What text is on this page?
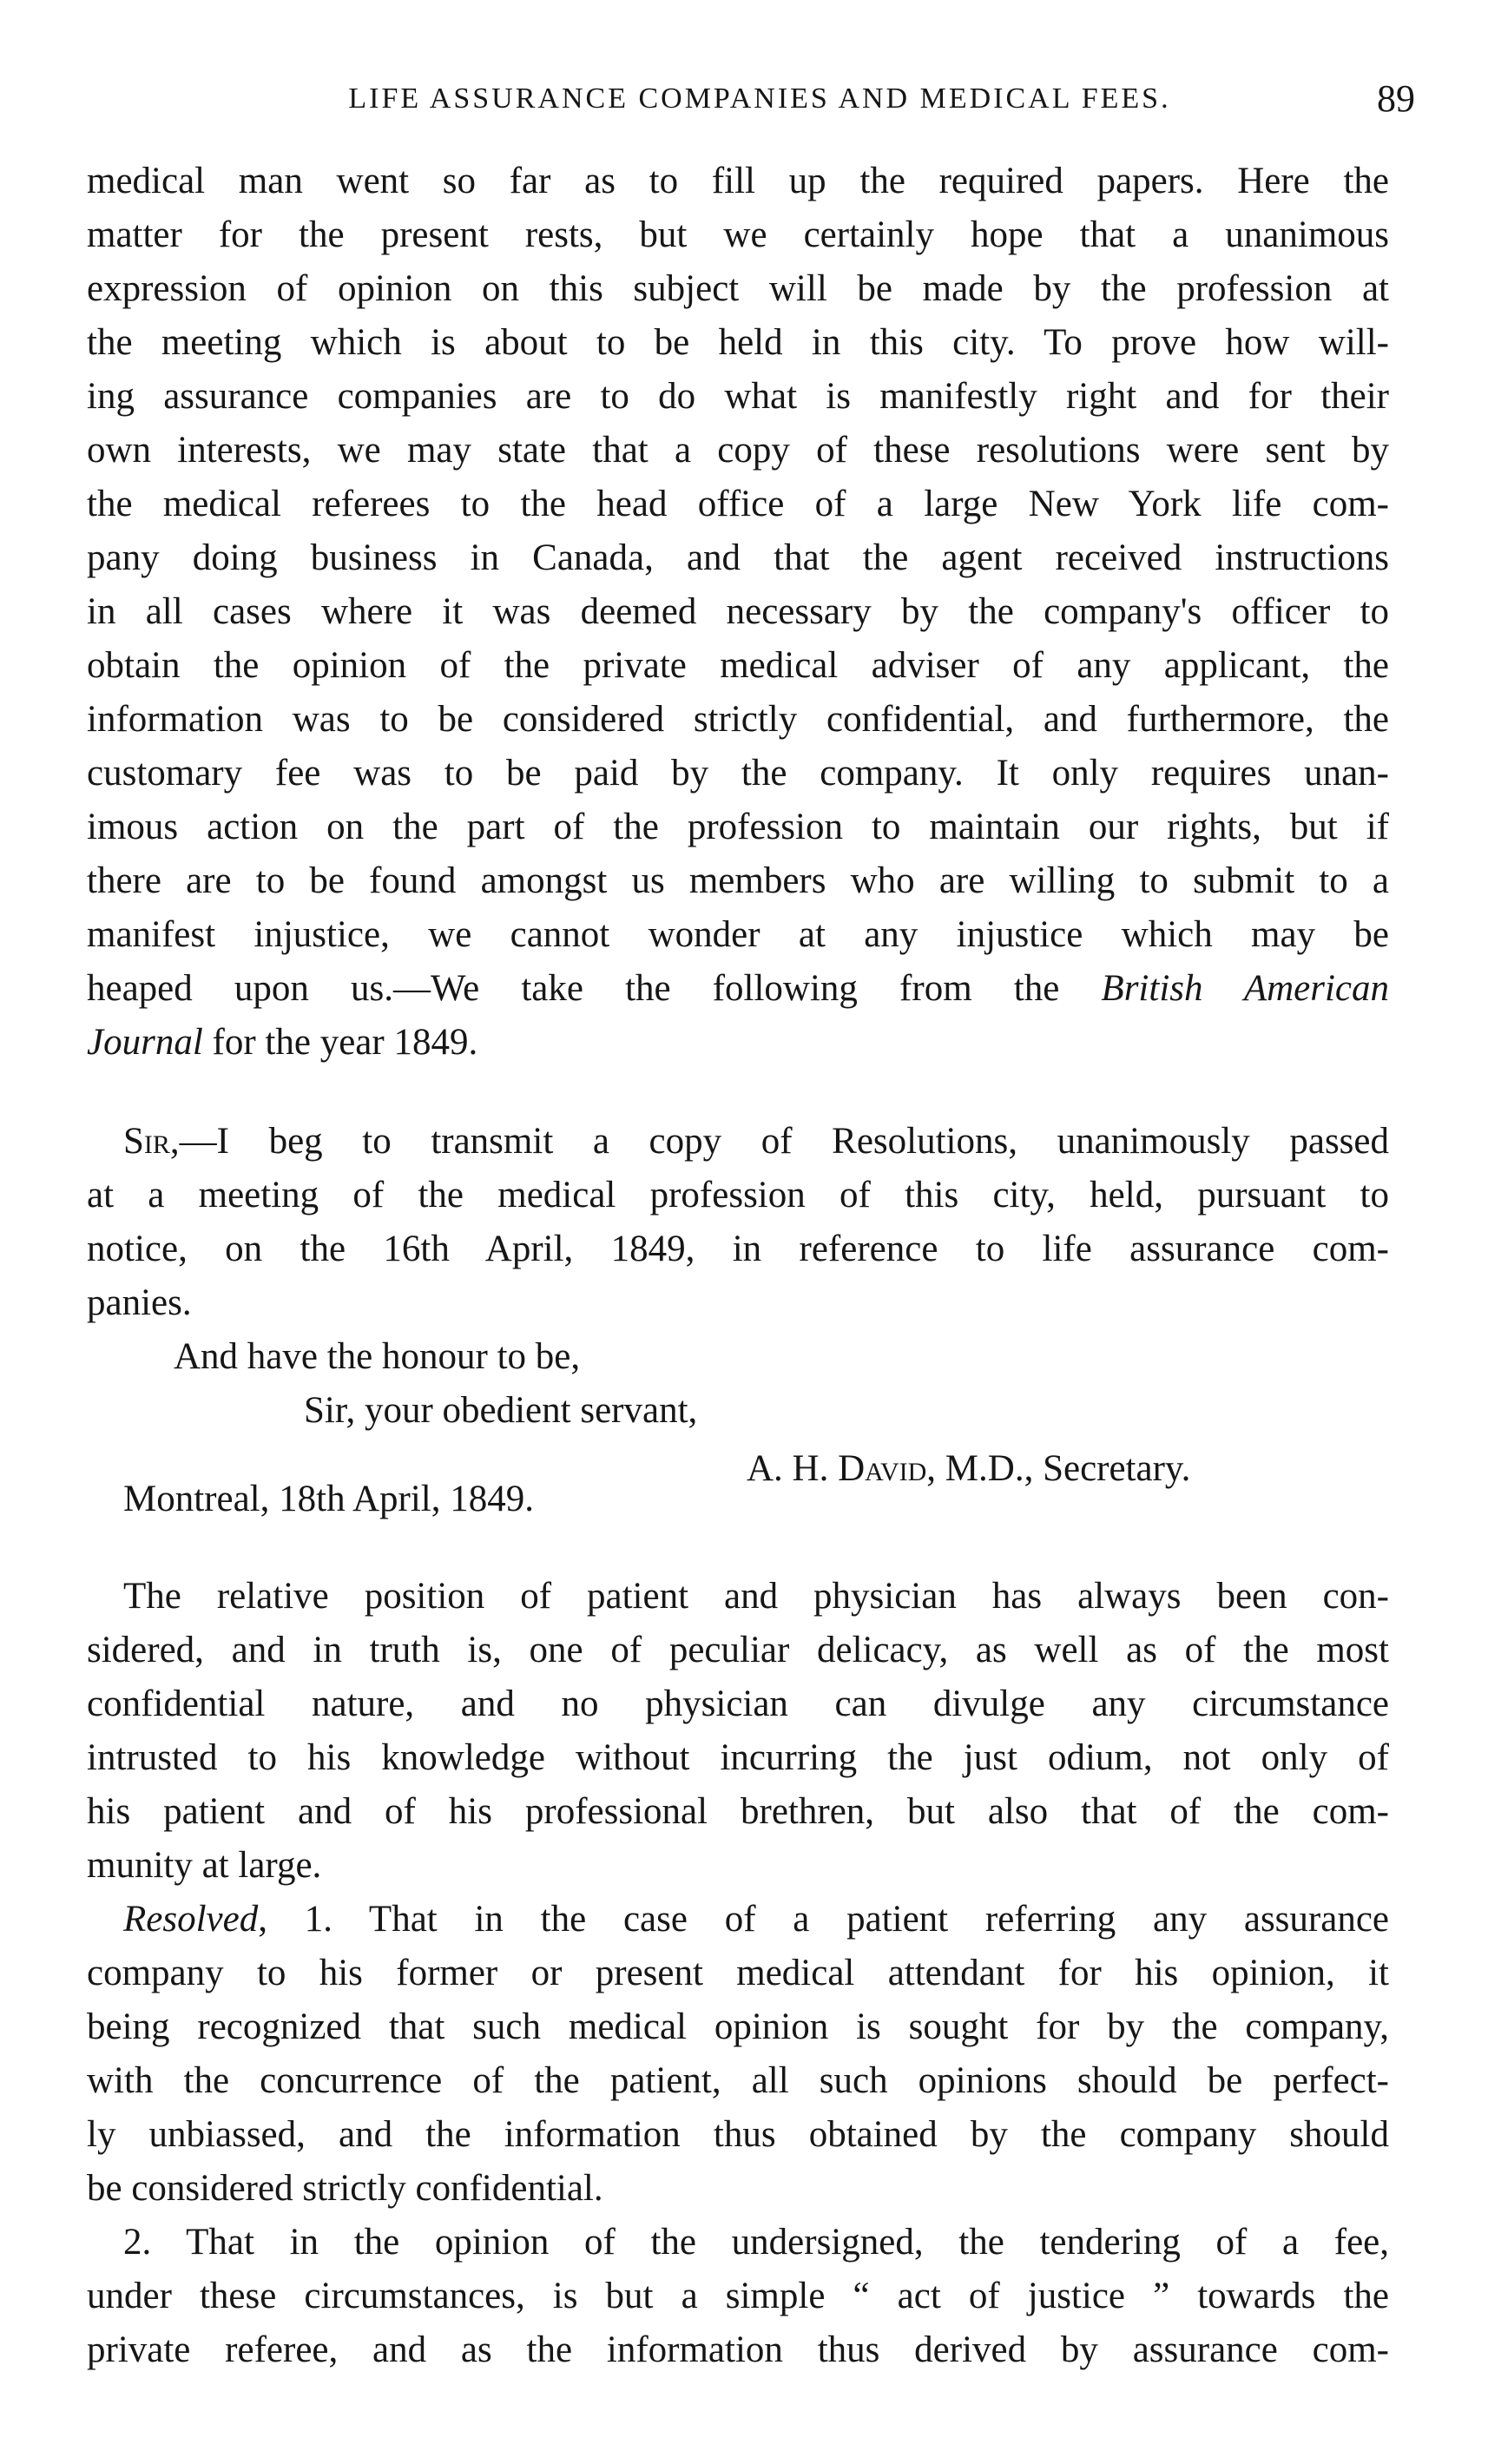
LIFE ASSURANCE COMPANIES AND MEDICAL FEES.	89
medical man went so far as to fill up the required papers. Here the
matter for the present rests, but we certainly hope that a unanimous
expression of opinion on this subject will be made by the profession at
the meeting which is about to be held in this city. To prove how will-
ing assurance companies are to do what is manifestly right and for their
own interests, we may state that a copy of these resolutions were sent by
the medical referees to the head office of a large New York life com-
pany doing business in Canada, and that the agent received instructions
in all cases where it was deemed necessary by the company's officer to
obtain the opinion of the private medical adviser of any applicant, the
information was to be considered strictly confidential, and furthermore, the
customary fee was to be paid by the company. It only requires unan-
imous action on the part of the profession to maintain our rights, but if
there are to be found amongst us members who are willing to submit to a
manifest injustice, we cannot wonder at any injustice which may be
heaped upon us.—We take the following from the British American
Journal for the year 1849.
Sir,—I beg to transmit a copy of Resolutions, unanimously passed
at a meeting of the medical profession of this city, held, pursuant to
notice, on the 16th April, 1849, in reference to life assurance com-
panies.
And have the honour to be,
Sir, your obedient servant,
A. H. David, M.D., Secretary.
Montreal, 18th April, 1849.
The relative position of patient and physician has always been con-
sidered, and in truth is, one of peculiar delicacy, as well as of the most
confidential nature, and no physician can divulge any circumstance
intrusted to his knowledge without incurring the just odium, not only of
his patient and of his professional brethren, but also that of the com-
munity at large.
Resolved, 1. That in the case of a patient referring any assurance
company to his former or present medical attendant for his opinion, it
being recognized that such medical opinion is sought for by the company,
with the concurrence of the patient, all such opinions should be perfect-
ly unbiassed, and the information thus obtained by the company should
be considered strictly confidential.
2. That in the opinion of the undersigned, the tendering of a fee,
under these circumstances, is but a simple “ act of justice ” towards the
private referee, and as the information thus derived by assurance com-
